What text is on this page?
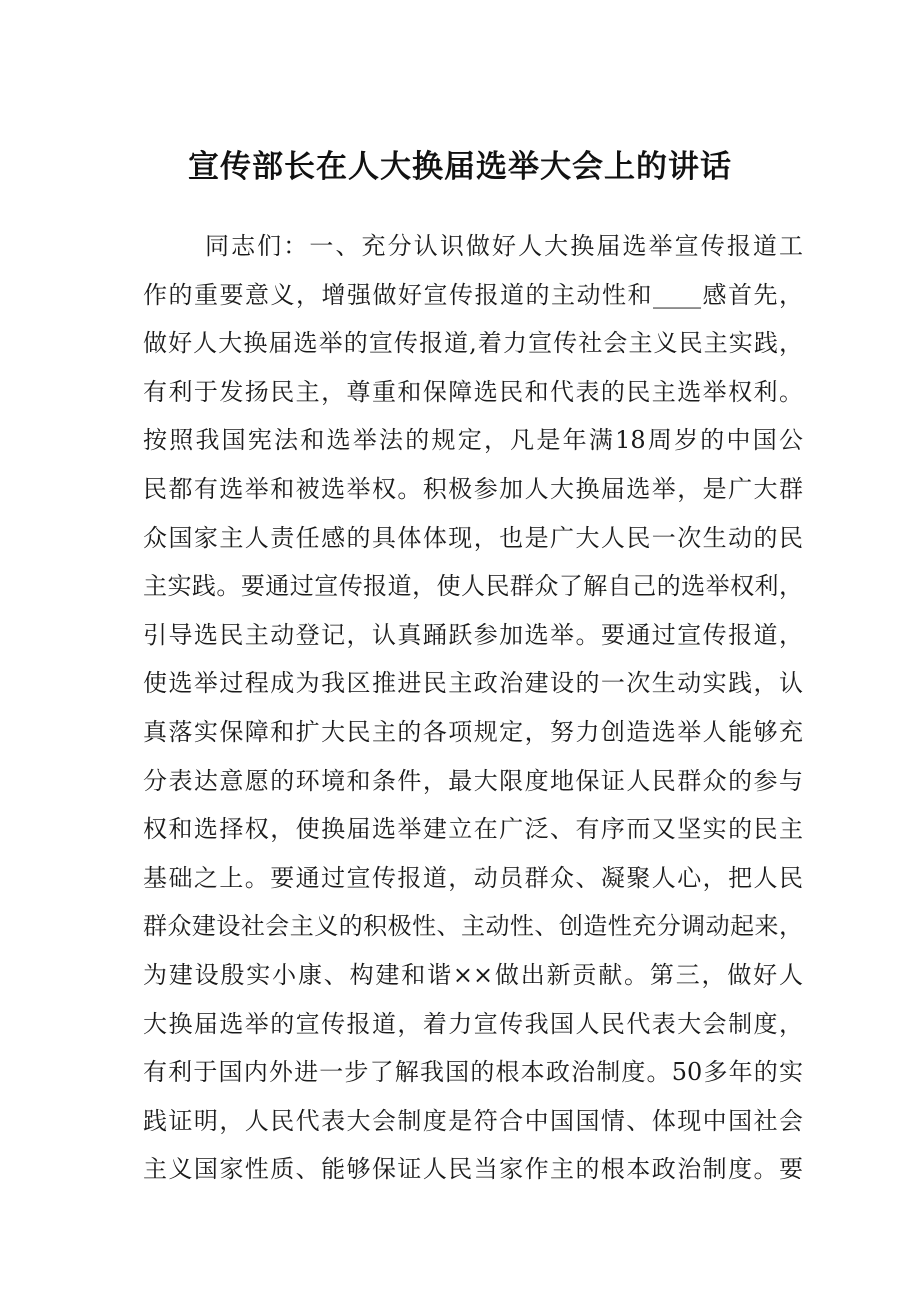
宣传部长在人大换届选举大会上的讲话
同志们：一、充分认识做好人大换届选举宣传报道工
作的重要意义，增强做好宣传报道的主动性和____感首先，
做好人大换届选举的宣传报道,着力宣传社会主义民主实践，
有利于发扬民主，尊重和保障选民和代表的民主选举权利。
按照我国宪法和选举法的规定，凡是年满18周岁的中国公
民都有选举和被选举权。积极参加人大换届选举，是广大群
众国家主人责任感的具体体现，也是广大人民一次生动的民
主实践。要通过宣传报道，使人民群众了解自己的选举权利，
引导选民主动登记，认真踊跃参加选举。要通过宣传报道，
使选举过程成为我区推进民主政治建设的一次生动实践，认
真落实保障和扩大民主的各项规定，努力创造选举人能够充
分表达意愿的环境和条件，最大限度地保证人民群众的参与
权和选择权，使换届选举建立在广泛、有序而又坚实的民主
基础之上。要通过宣传报道，动员群众、凝聚人心，把人民
群众建设社会主义的积极性、主动性、创造性充分调动起来，
为建设殷实小康、构建和谐××做出新贡献。第三，做好人
大换届选举的宣传报道，着力宣传我国人民代表大会制度，
有利于国内外进一步了解我国的根本政治制度。50多年的实
践证明，人民代表大会制度是符合中国国情、体现中国社会
主义国家性质、能够保证人民当家作主的根本政治制度。要
